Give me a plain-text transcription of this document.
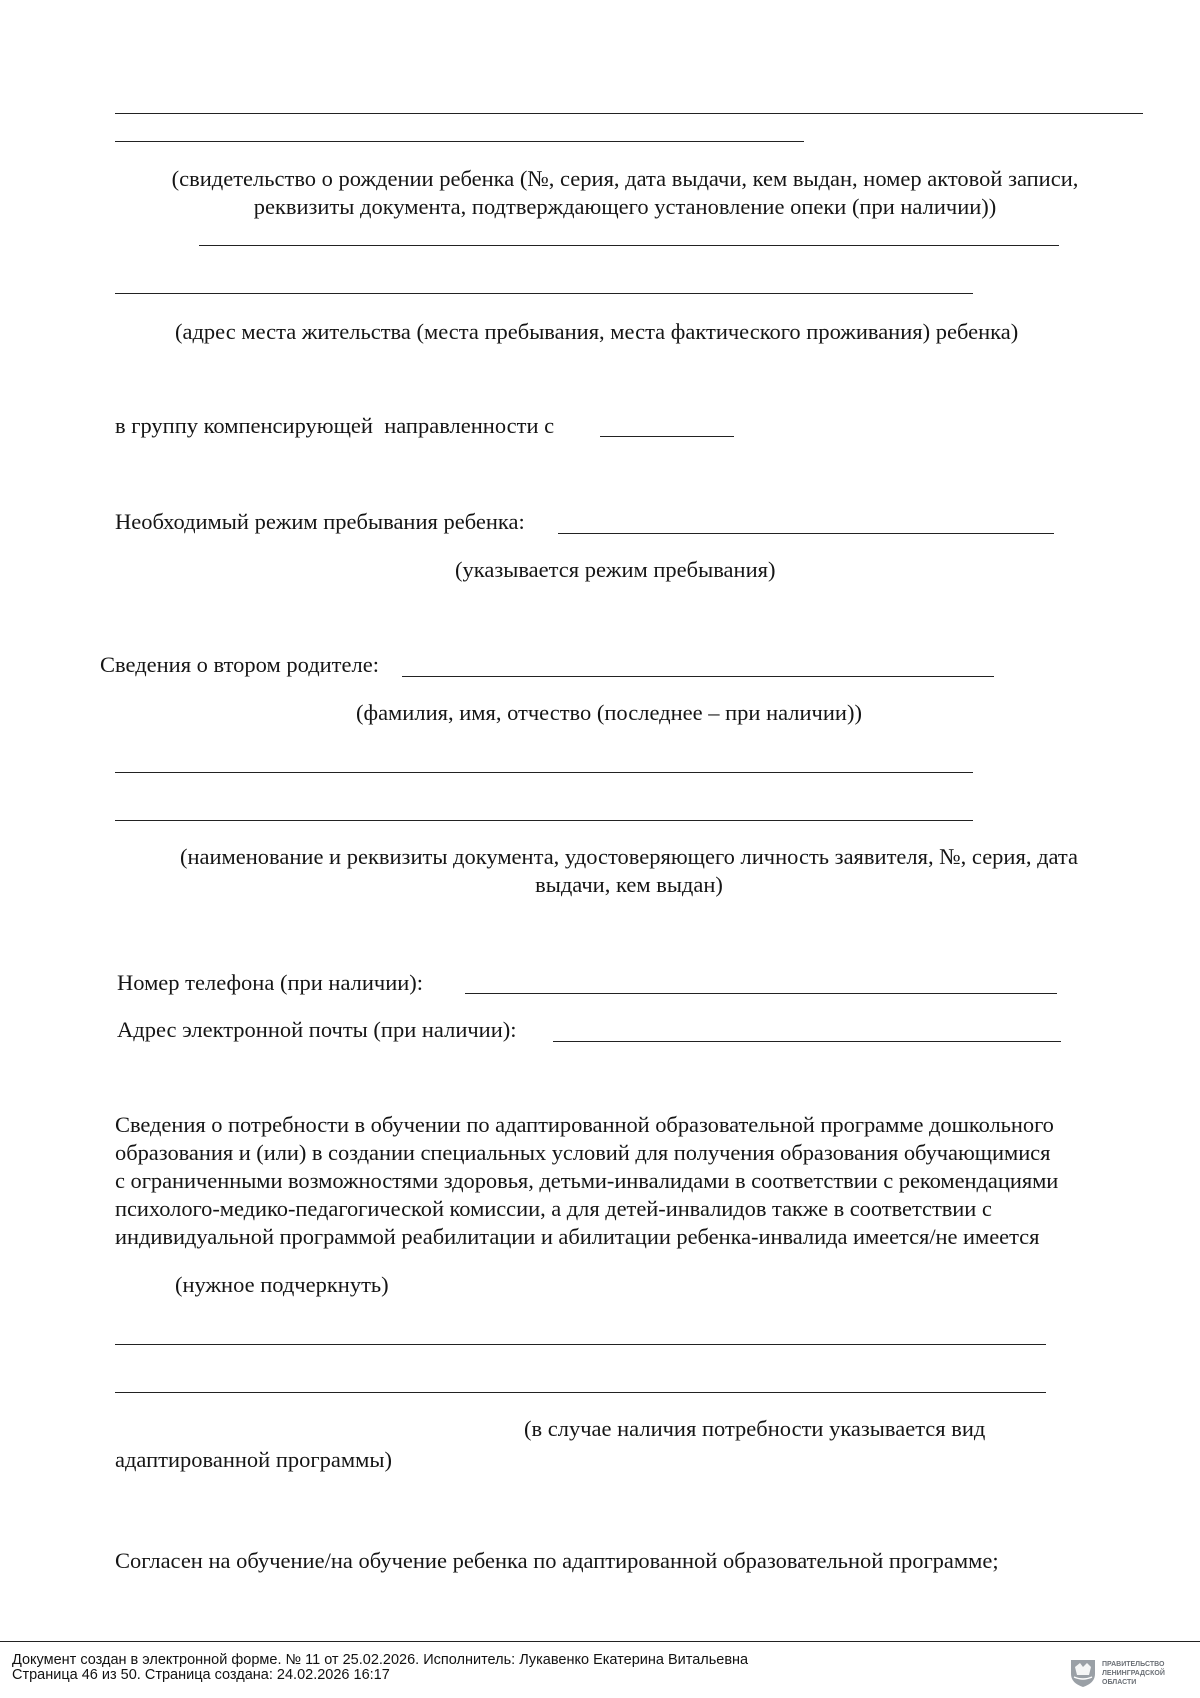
(свидетельство о рождении ребенка (№, серия, дата выдачи, кем выдан, номер актовой записи,
реквизиты документа, подтверждающего установление опеки (при наличии))
(адрес места жительства (места пребывания, места фактического проживания) ребенка)
в группу компенсирующей  направленности с
Необходимый режим пребывания ребенка:
(указывается режим пребывания)
Сведения о втором родителе:
(фамилия, имя, отчество (последнее – при наличии))
(наименование и реквизиты документа, удостоверяющего личность заявителя, №, серия, дата
выдачи, кем выдан)
Номер телефона (при наличии):
Адрес электронной почты (при наличии):
Сведения о потребности в обучении по адаптированной образовательной программе дошкольного
образования и (или) в создании специальных условий для получения образования обучающимися
с ограниченными возможностями здоровья, детьми-инвалидами в соответствии с рекомендациями
психолого-медико-педагогической комиссии, а для детей-инвалидов также в соответствии с
индивидуальной программой реабилитации и абилитации ребенка-инвалида имеется/не имеется
(нужное подчеркнуть)
(в случае наличия потребности указывается вид
адаптированной программы)
Согласен на обучение/на обучение ребенка по адаптированной образовательной программе;
Документ создан в электронной форме. № 11 от 25.02.2026. Исполнитель: Лукавенко Екатерина Витальевна
Страница 46 из 50. Страница создана: 24.02.2026 16:17
ПРАВИТЕЛЬСТВО
ЛЕНИНГРАДСКОЙ
ОБЛАСТИ
